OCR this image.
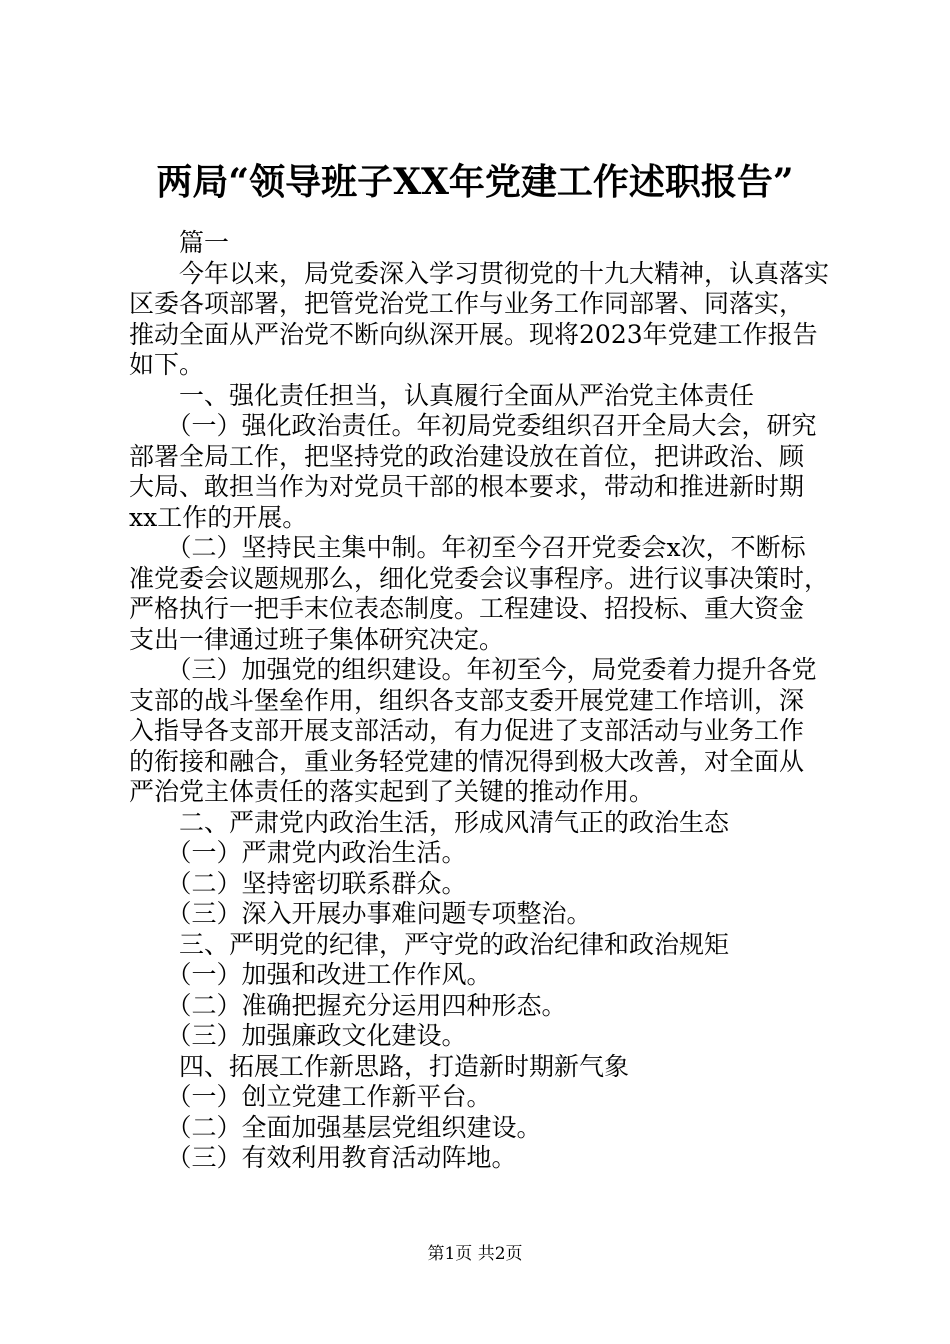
两局“领导班子XX年党建工作述职报告”
　　篇一
　　今年以来，局党委深入学习贯彻党的十九大精神，认真落实
区委各项部署，把管党治党工作与业务工作同部署、同落实，
推动全面从严治党不断向纵深开展。现将2023年党建工作报告
如下。
　　一、强化责任担当，认真履行全面从严治党主体责任
　　（一）强化政治责任。年初局党委组织召开全局大会，研究
部署全局工作，把坚持党的政治建设放在首位，把讲政治、顾
大局、敢担当作为对党员干部的根本要求，带动和推进新时期
xx工作的开展。
　　（二）坚持民主集中制。年初至今召开党委会x次，不断标
准党委会议题规那么，细化党委会议事程序。进行议事决策时，
严格执行一把手末位表态制度。工程建设、招投标、重大资金
支出一律通过班子集体研究决定。
　　（三）加强党的组织建设。年初至今，局党委着力提升各党
支部的战斗堡垒作用，组织各支部支委开展党建工作培训，深
入指导各支部开展支部活动，有力促进了支部活动与业务工作
的衔接和融合，重业务轻党建的情况得到极大改善，对全面从
严治党主体责任的落实起到了关键的推动作用。
　　二、严肃党内政治生活，形成风清气正的政治生态
　　（一）严肃党内政治生活。
　　（二）坚持密切联系群众。
　　（三）深入开展办事难问题专项整治。
　　三、严明党的纪律，严守党的政治纪律和政治规矩
　　（一）加强和改进工作作风。
　　（二）准确把握充分运用四种形态。
　　（三）加强廉政文化建设。
　　四、拓展工作新思路，打造新时期新气象
　　（一）创立党建工作新平台。
　　（二）全面加强基层党组织建设。
　　（三）有效利用教育活动阵地。
第1页 共2页
